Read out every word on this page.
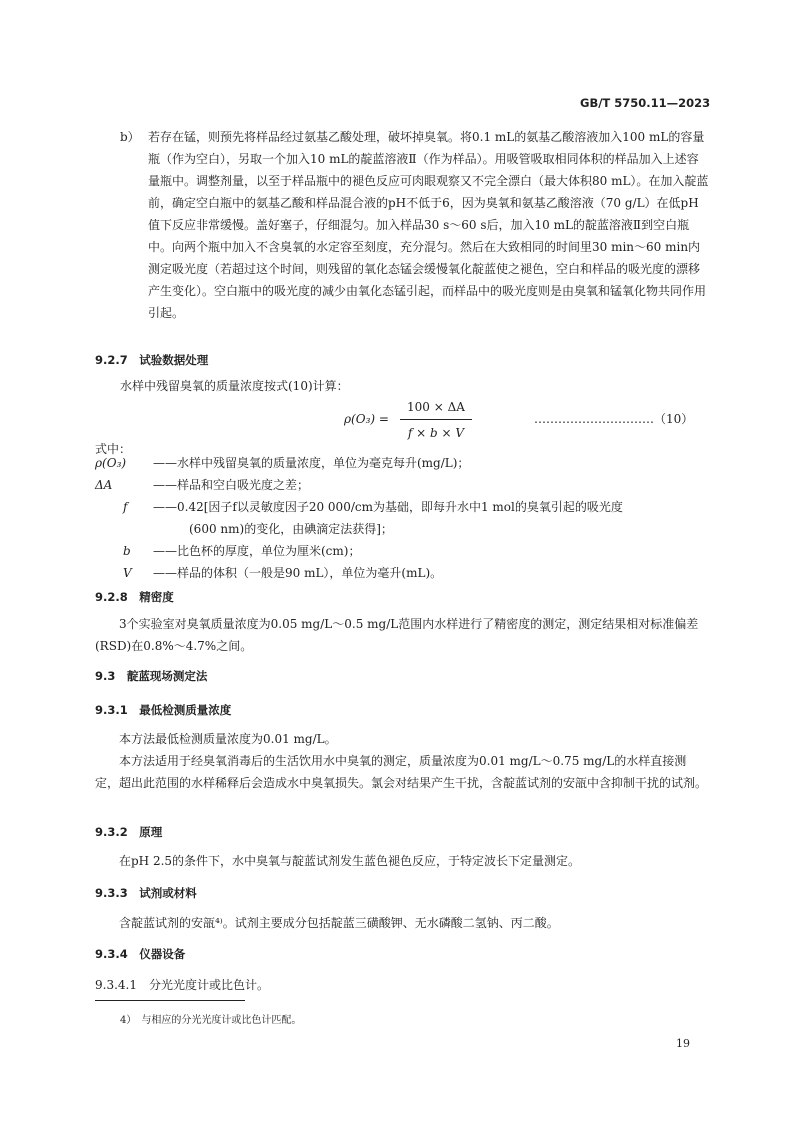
GB/T 5750.11—2023
b） 若存在锰，则预先将样品经过氨基乙酸处理，破坏掉臭氧。将0.1 mL的氨基乙酸溶液加入100 mL的容量瓶（作为空白），另取一个加入10 mL的靛蓝溶液Ⅱ（作为样品）。用吸管吸取相同体积的样品加入上述容量瓶中。调整剂量，以至于样品瓶中的褪色反应可肉眼观察又不完全漂白（最大体积80 mL）。在加入靛蓝前，确定空白瓶中的氨基乙酸和样品混合液的pH不低于6，因为臭氧和氨基乙酸溶液（70 g/L）在低pH值下反应非常缓慢。盖好塞子，仔细混匀。加入样品30 s～60 s后，加入10 mL的靛蓝溶液Ⅱ到空白瓶中。向两个瓶中加入不含臭氧的水定容至刻度，充分混匀。然后在大致相同的时间里30 min～60 min内测定吸光度（若超过这个时间，则残留的氧化态锰会缓慢氧化靛蓝使之褪色，空白和样品的吸光度的漂移产生变化）。空白瓶中的吸光度的减少由氧化态锰引起，而样品中的吸光度则是由臭氧和锰氧化物共同作用引起。
9.2.7　试验数据处理
水样中残留臭氧的质量浓度按式(10)计算：
ρ(O₃) =
100 × ΔA
f × b × V
…………………………（10）
式中：
ρ(O₃) ——水样中残留臭氧的质量浓度，单位为毫克每升(mg/L)；
ΔA	——样品和空白吸光度之差；
f ——0.42[因子f以灵敏度因子20 000/cm为基础，即每升水中1 mol的臭氧引起的吸光度
(600 nm)的变化，由碘滴定法获得]；
b ——比色杯的厚度，单位为厘米(cm)；
V ——样品的体积（一般是90 mL），单位为毫升(mL)。
9.2.8　精密度
3个实验室对臭氧质量浓度为0.05 mg/L～0.5 mg/L范围内水样进行了精密度的测定，测定结果相对标准偏差(RSD)在0.8%～4.7%之间。
9.3　靛蓝现场测定法
9.3.1　最低检测质量浓度
本方法最低检测质量浓度为0.01 mg/L。
本方法适用于经臭氧消毒后的生活饮用水中臭氧的测定，质量浓度为0.01 mg/L～0.75 mg/L的水样直接测定，超出此范围的水样稀释后会造成水中臭氧损失。氯会对结果产生干扰，含靛蓝试剂的安瓿中含抑制干扰的试剂。
9.3.2　原理
在pH 2.5的条件下，水中臭氧与靛蓝试剂发生蓝色褪色反应，于特定波长下定量测定。
9.3.3　试剂或材料
含靛蓝试剂的安瓿⁴⁾。试剂主要成分包括靛蓝三磺酸钾、无水磷酸二氢钠、丙二酸。
9.3.4　仪器设备
9.3.4.1　分光光度计或比色计。
4）　与相应的分光光度计或比色计匹配。
19
